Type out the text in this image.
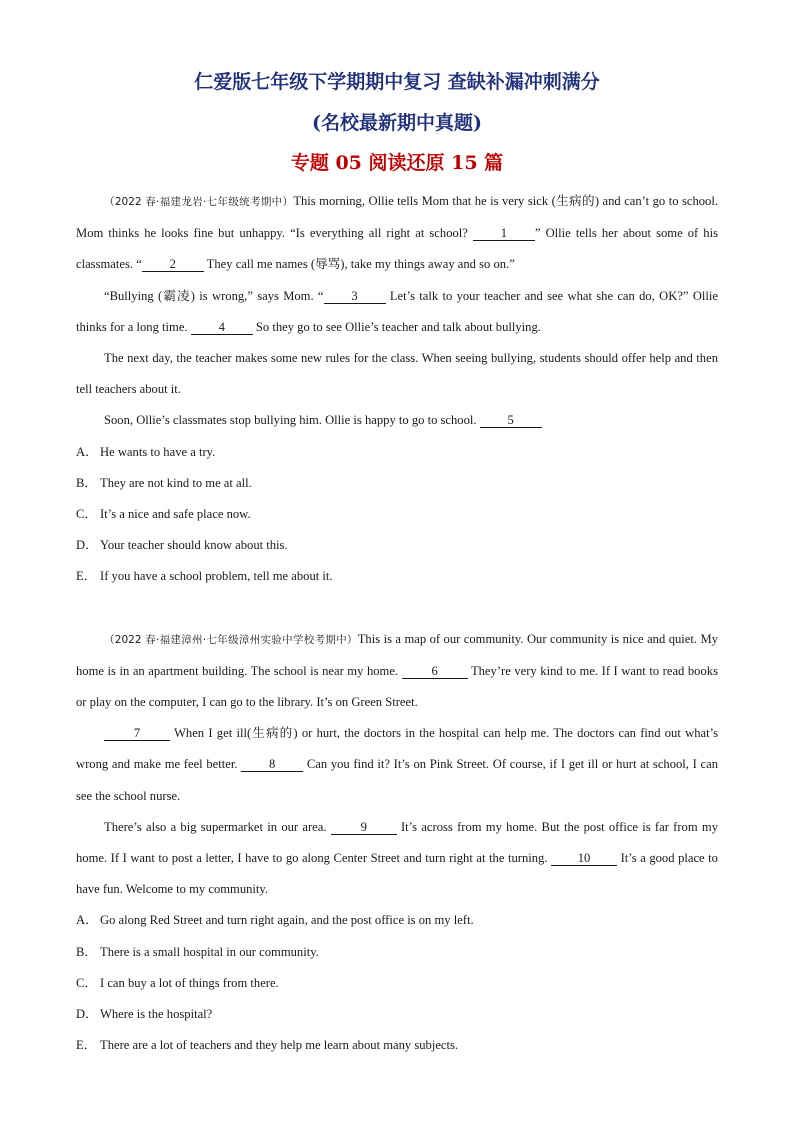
仁爱版七年级下学期期中复习 查缺补漏冲刺满分
(名校最新期中真题)
专题 05 阅读还原 15 篇

（2022 春·福建龙岩·七年级统考期中）This morning, Ollie tells Mom that he is very sick (生病的) and can’t go to school. Mom thinks he looks fine but unhappy. “Is everything all right at school? 1 ” Ollie tells her about some of his classmates. “ 2 They call me names (辱骂), take my things away and so on.”

“Bullying (霸凌) is wrong,” says Mom. “ 3 Let’s talk to your teacher and see what she can do, OK?” Ollie thinks for a long time. 4 So they go to see Ollie’s teacher and talk about bullying.

The next day, the teacher makes some new rules for the class. When seeing bullying, students should offer help and then tell teachers about it.

Soon, Ollie’s classmates stop bullying him. Ollie is happy to go to school. 5

A． He wants to have a try.

B． They are not kind to me at all.

C． It’s a nice and safe place now.

D． Your teacher should know about this.

E． If you have a school problem, tell me about it.

（2022 春·福建漳州·七年级漳州实验中学校考期中）This is a map of our community. Our community is nice and quiet. My home is in an apartment building. The school is near my home. 6 They’re very kind to me. If I want to read books or play on the computer, I can go to the library. It’s on Green Street.

7 When I get ill(生病的) or hurt, the doctors in the hospital can help me. The doctors can find out what’s wrong and make me feel better. 8 Can you find it? It’s on Pink Street. Of course, if I get ill or hurt at school, I can see the school nurse.

There’s also a big supermarket in our area. 9 It’s across from my home. But the post office is far from my home. If I want to post a letter, I have to go along Center Street and turn right at the turning. 10 It’s a good place to have fun. Welcome to my community.

A． Go along Red Street and turn right again, and the post office is on my left.

B． There is a small hospital in our community.

C． I can buy a lot of things from there.

D． Where is the hospital?

E． There are a lot of teachers and they help me learn about many subjects.
